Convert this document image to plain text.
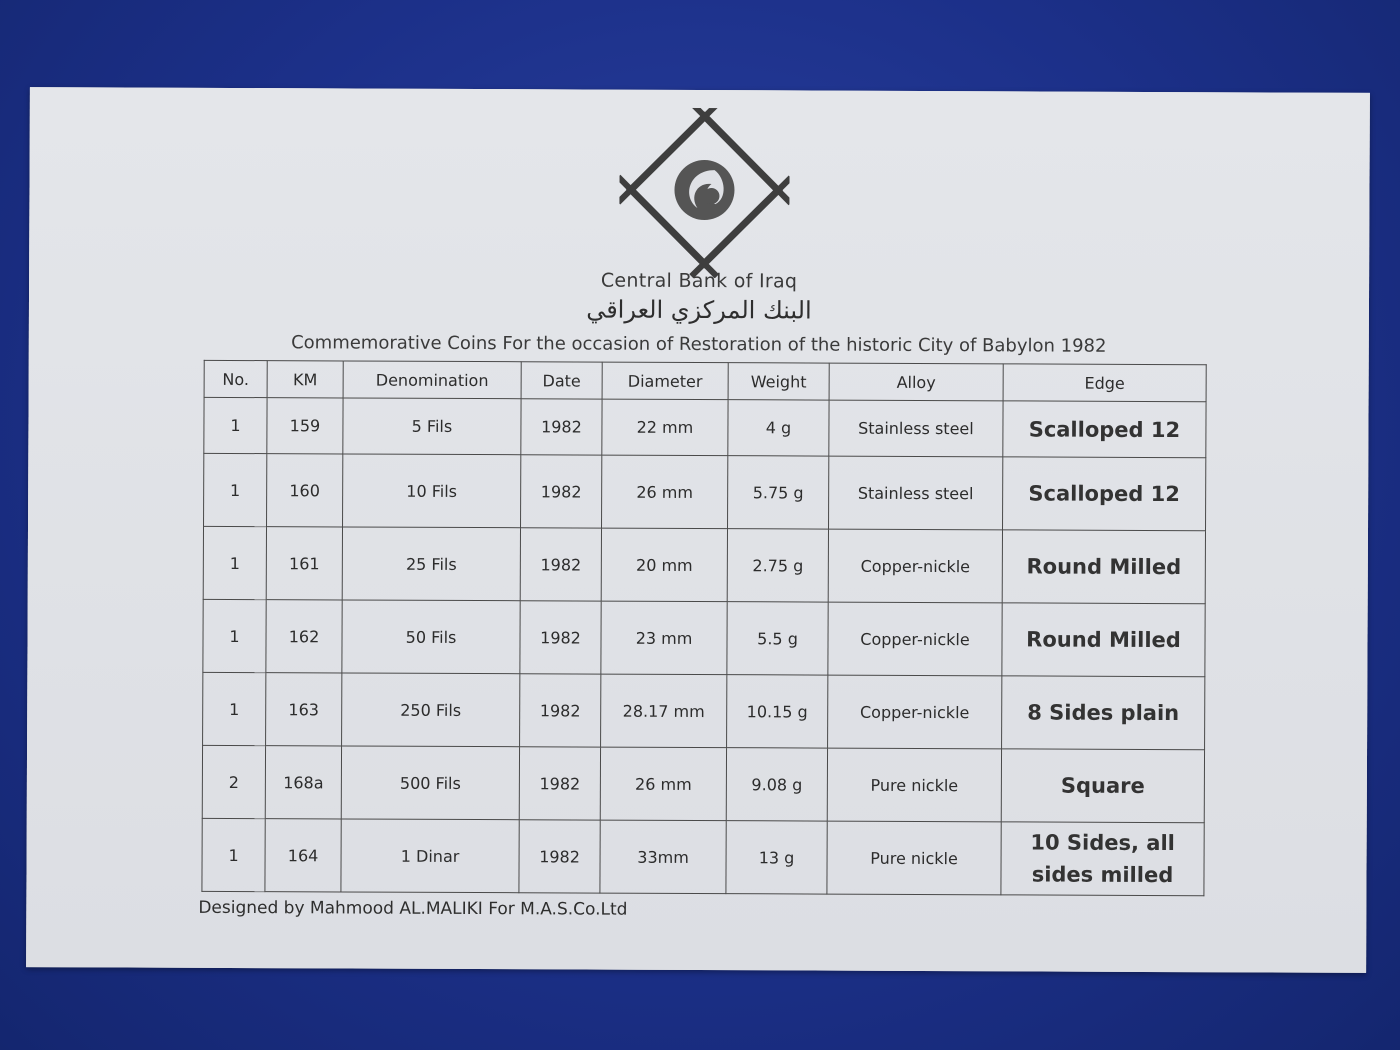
Central Bank of Iraq
البنك المركزي العراقي
Commemorative Coins For the occasion of Restoration of the historic City of Babylon 1982
No.	KM	Denomination	Date	Diameter	Weight	Alloy	Edge
1	159	5 Fils	1982	22 mm	4 g	Stainless steel	Scalloped 12
1	160	10 Fils	1982	26 mm	5.75 g	Stainless steel	Scalloped 12
1	161	25 Fils	1982	20 mm	2.75 g	Copper-nickle	Round Milled
1	162	50 Fils	1982	23 mm	5.5 g	Copper-nickle	Round Milled
1	163	250 Fils	1982	28.17 mm	10.15 g	Copper-nickle	8 Sides plain
2	168a	500 Fils	1982	26 mm	9.08 g	Pure nickle	Square
1	164	1 Dinar	1982	33mm	13 g	Pure nickle	10 Sides, all sides milled
Designed by Mahmood AL.MALIKI For M.A.S.Co.Ltd
